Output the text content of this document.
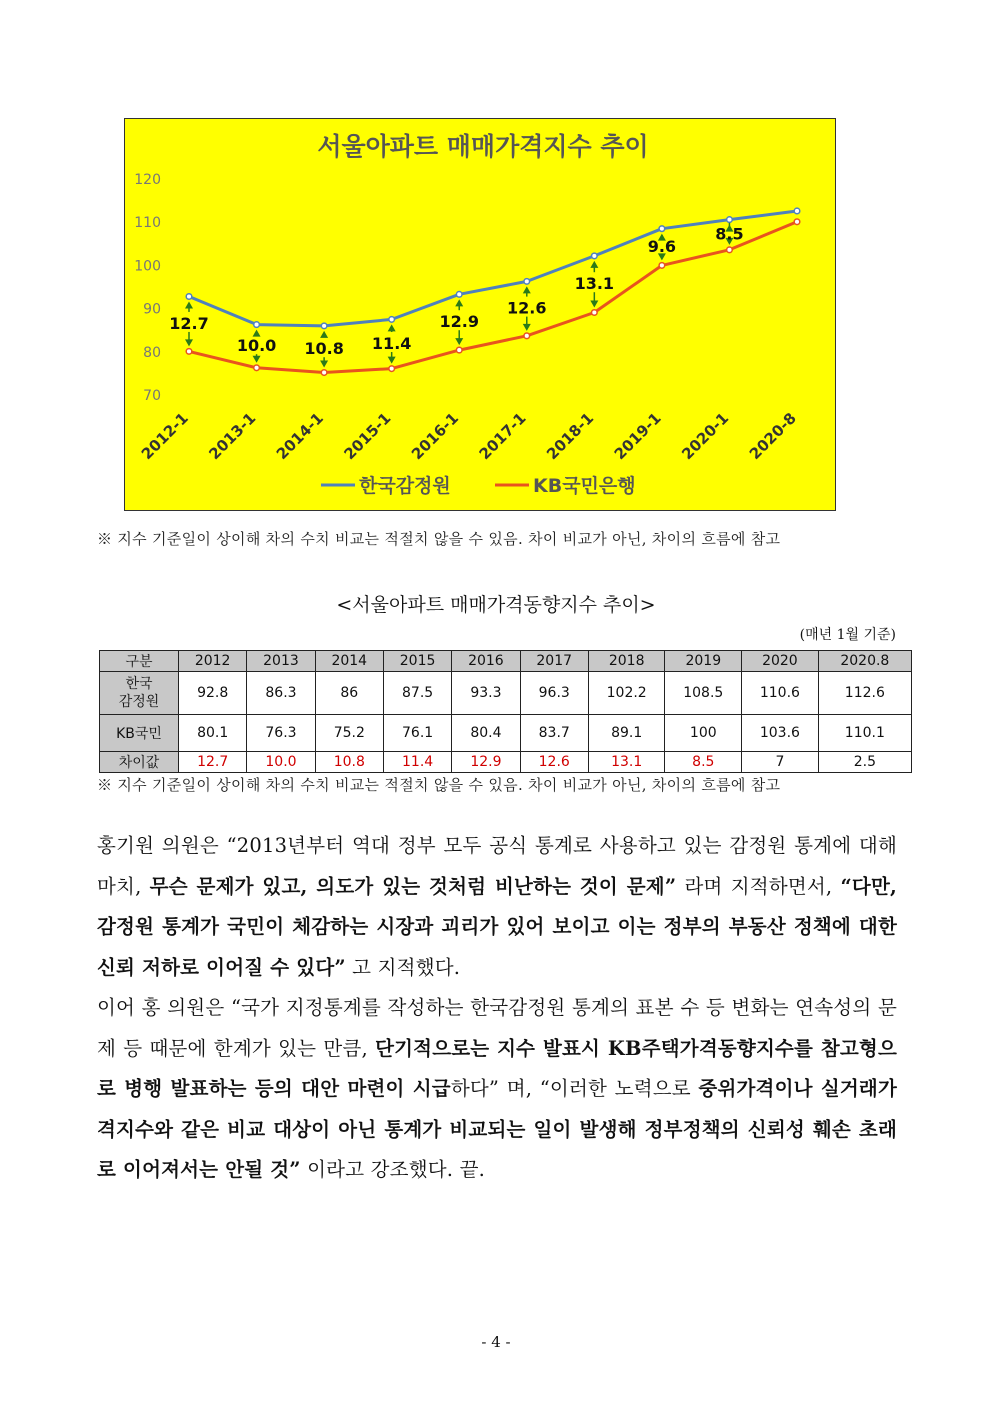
서울아파트 매매가격지수 추이
70
80
90
100
110
120
2012-1 2013-1 2014-1 2015-1 2016-1 2017-1 2018-1 2019-1 2020-1 2020-8
12.7
10.0 10.8 11.4
12.9
12.6
13.1
9.6
8.5
한국감정원	KB국민은행
※ 지수 기준일이 상이해 차의 수치 비교는 적절치 않을 수 있음. 차이 비교가 아닌, 차이의 흐름에 참고
<서울아파트 매매가격동향지수 추이>
(매년 1월 기준)
구분	2012	2013	2014	2015	2016	2017	2018	2019	2020	2020.8
한국
감정원	92.8	86.3	86	87.5	93.3	96.3	102.2	108.5	110.6	112.6
KB국민	80.1	76.3	75.2	76.1	80.4	83.7	89.1	100	103.6	110.1
차이값	12.7	10.0	10.8	11.4	12.9	12.6	13.1	8.5	7	2.5
※ 지수 기준일이 상이해 차의 수치 비교는 적절치 않을 수 있음. 차이 비교가 아닌, 차이의 흐름에 참고
홍기원 의원은 “2013년부터 역대 정부 모두 공식 통계로 사용하고 있는 감정원 통계에 대해 마치, 무슨 문제가 있고, 의도가 있는 것처럼 비난하는 것이 문제” 라며 지적하면서, “다만, 감정원 통계가 국민이 체감하는 시장과 괴리가 있어 보이고 이는 정부의 부동산 정책에 대한 신뢰 저하로 이어질 수 있다” 고 지적했다.
이어 홍 의원은 “국가 지정통계를 작성하는 한국감정원 통계의 표본 수 등 변화는 연속성의 문제 등 때문에 한계가 있는 만큼, 단기적으로는 지수 발표시 KB주택가격동향지수를 참고형으로 병행 발표하는 등의 대안 마련이 시급하다” 며, “이러한 노력으로 중위가격이나 실거래가격지수와 같은 비교 대상이 아닌 통계가 비교되는 일이 발생해 정부정책의 신뢰성 훼손 초래로 이어져서는 안될 것” 이라고 강조했다. 끝.
- 4 -
